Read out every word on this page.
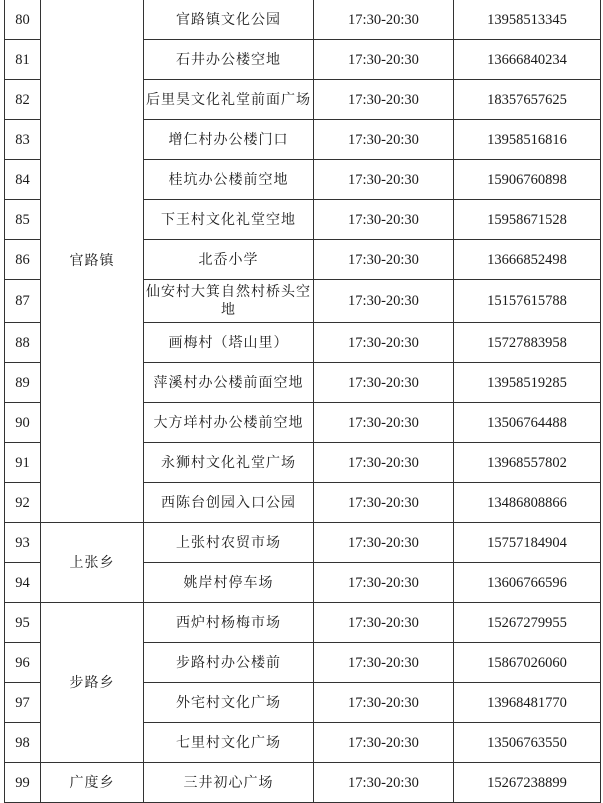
80	官路镇	官路镇文化公园	17:30-20:30	13958513345
81		石井办公楼空地	17:30-20:30	13666840234
82		后里昊文化礼堂前面广场	17:30-20:30	18357657625
83		增仁村办公楼门口	17:30-20:30	13958516816
84		桂坑办公楼前空地	17:30-20:30	15906760898
85		下王村文化礼堂空地	17:30-20:30	15958671528
86		北岙小学	17:30-20:30	13666852498
87		仙安村大箕自然村桥头空地	17:30-20:30	15157615788
88		画梅村（塔山里）	17:30-20:30	15727883958
89		萍溪村办公楼前面空地	17:30-20:30	13958519285
90		大方垟村办公楼前空地	17:30-20:30	13506764488
91		永狮村文化礼堂广场	17:30-20:30	13968557802
92		西陈台创园入口公园	17:30-20:30	13486808866
93	上张乡	上张村农贸市场	17:30-20:30	15757184904
94		姚岸村停车场	17:30-20:30	13606766596
95	步路乡	西炉村杨梅市场	17:30-20:30	15267279955
96		步路村办公楼前	17:30-20:30	15867026060
97		外宅村文化广场	17:30-20:30	13968481770
98		七里村文化广场	17:30-20:30	13506763550
99	广度乡	三井初心广场	17:30-20:30	15267238899
